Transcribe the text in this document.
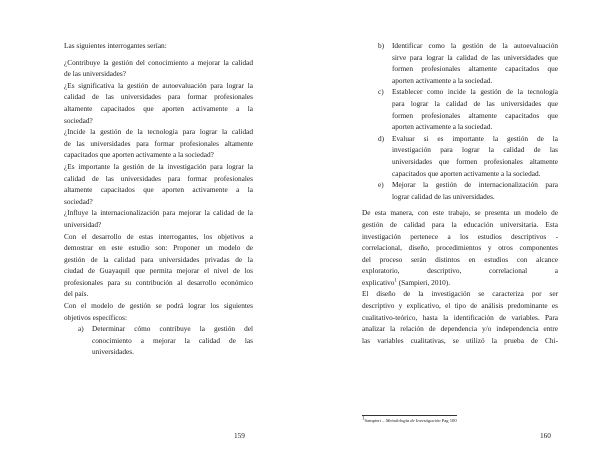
Las siguientes interrogantes serían:
¿Contribuye la gestión del conocimiento a mejorar la calidad
de las universidades?
¿Es significativa la gestión de autoevaluación para lograr la
calidad de las universidades para formar profesionales
altamente capacitados que aporten activamente a la
sociedad?
¿Incide la gestión de la tecnología para lograr la calidad
de las universidades para formar profesionales altamente
capacitados que aporten activamente a la sociedad?
¿Es importante la gestión de la investigación para lograr la
calidad de las universidades para formar profesionales
altamente capacitados que aporten activamente a la
sociedad?
¿Influye la internacionalización para mejorar la calidad de la
universidad?
Con el desarrollo de estas interrogantes, los objetivos a
demostrar en este estudio son: Proponer un modelo de
gestión de la calidad para universidades privadas de la
ciudad de Guayaquil que permita mejorar el nivel de los
profesionales para su contribución al desarrollo económico
del país.
Con el modelo de gestión se podrá lograr los siguientes
objetivos específicos:
a) Determinar cómo contribuye la gestión del
conocimiento a mejorar la calidad de las
universidades.
159
b) Identificar como la gestión de la autoevaluación
sirve para lograr la calidad de las universidades que
formen profesionales altamente capacitados que
aporten activamente a la sociedad.
c) Establecer como incide la gestión de la tecnología
para lograr la calidad de las universidades que
formen profesionales altamente capacitados que
aporten activamente a la sociedad.
d) Evaluar si es importante la gestión de la
investigación para lograr la calidad de las
universidades que formen profesionales altamente
capacitados que aporten activamente a la sociedad.
e) Mejorar la gestión de internacionalización para
lograr calidad de las universidades.
De esta manera, con este trabajo, se presenta un modelo de
gestión de calidad para la educación universitaria. Esta
investigación pertenece a los estudios descriptivos -
correlacional, diseño, procedimientos y otros componentes
del proceso serán distintos en estudios con alcance
exploratorio, descriptivo, correlacional a
explicativo$^1$ (Sampieri, 2010).
El diseño de la investigación se caracteriza por ser
descriptivo y explicativo, el tipo de análisis predominante es
cualitativo-teórico, hasta la identificación de variables. Para
analizar la relación de dependencia y/o independencia entre
las variables cualitativas, se utilizó la prueba de Chi-
1Sampieri – Metodología de Investigación Pag 100
160
